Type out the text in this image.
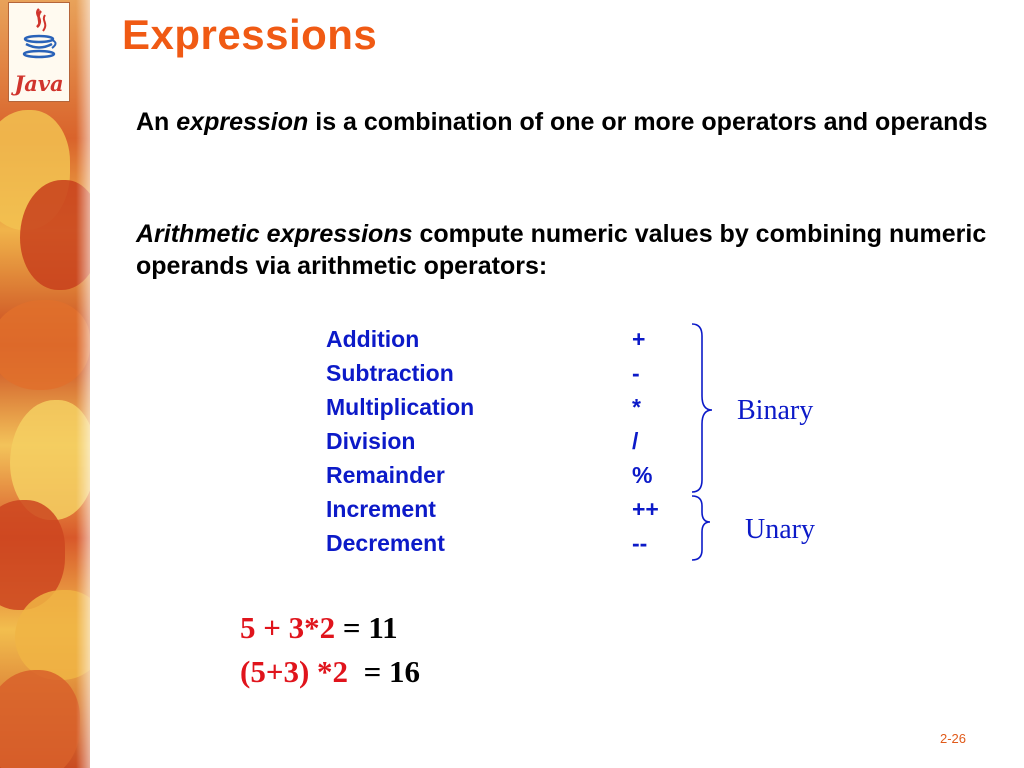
Java
Expressions

An expression is a combination of one or more operators and operands

Arithmetic expressions compute numeric values by combining numeric operands via arithmetic operators:

Addition	+
Subtraction	-
Multiplication	*
Division	/
Remainder	%
Increment	++
Decrement	--
Binary
Unary
5 + 3*2 = 11
(5+3) *2  = 16
2-26
